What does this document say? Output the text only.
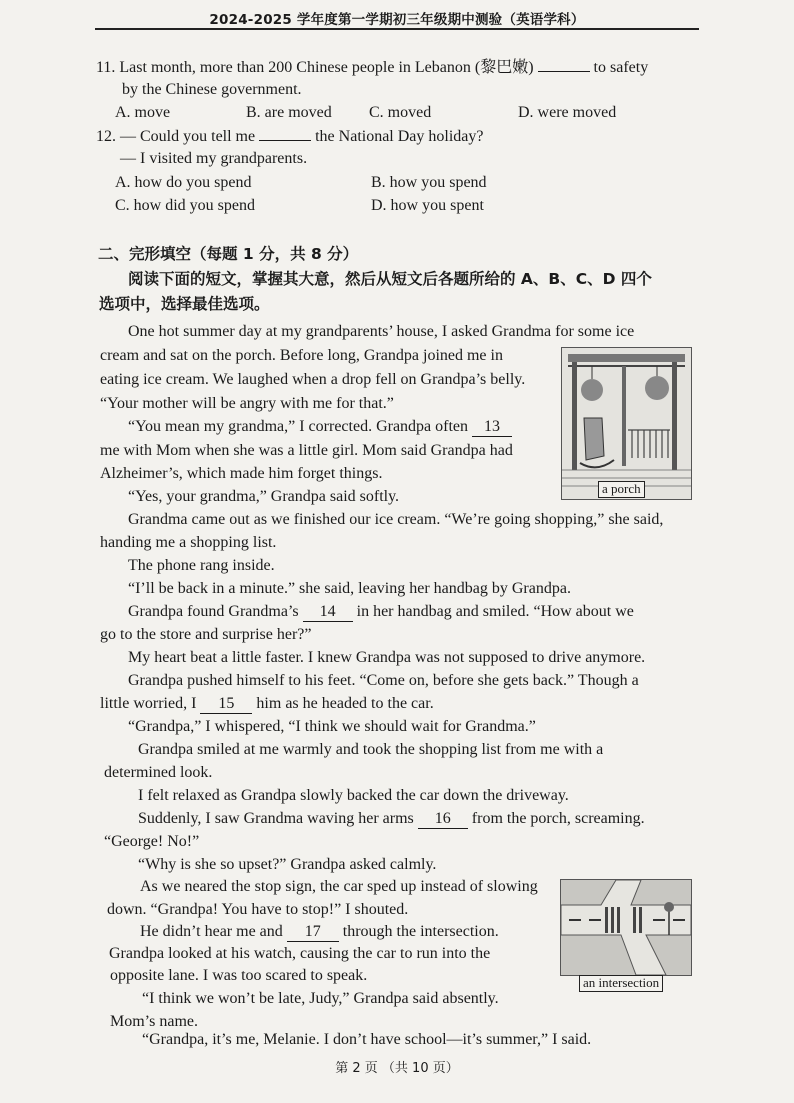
2024-2025 学年度第一学期初三年级期中测验（英语学科）
11. Last month, more than 200 Chinese people in Lebanon (黎巴嫩)	to safety
by the Chinese government.
A. move	B. are moved C. moved	D. were moved
12. — Could you tell me	the National Day holiday?
— I visited my grandparents.
A. how do you spend	B. how you spend
C. how did you spend	D. how you spent
二、完形填空（每题 1 分，共 8 分）
阅读下面的短文，掌握其大意，然后从短文后各题所给的 A、B、C、D 四个
选项中，选择最佳选项。
One hot summer day at my grandparents’ house, I asked Grandma for some ice
cream and sat on the porch. Before long, Grandpa joined me in
eating ice cream. We laughed when a drop fell on Grandpa’s belly.
“Your mother will be angry with me for that.”
“You mean my grandma,” I corrected. Grandpa often 13
me with Mom when she was a little girl. Mom said Grandpa had
Alzheimer’s, which made him forget things.
“Yes, your grandma,” Grandpa said softly.
Grandma came out as we finished our ice cream. “We’re going shopping,” she said,
handing me a shopping list.
The phone rang inside.
“I’ll be back in a minute.” she said, leaving her handbag by Grandpa.
Grandpa found Grandma’s 14 in her handbag and smiled. “How about we
go to the store and surprise her?”
My heart beat a little faster. I knew Grandpa was not supposed to drive anymore.
Grandpa pushed himself to his feet. “Come on, before she gets back.” Though a
little worried, I 15 him as he headed to the car.
“Grandpa,” I whispered, “I think we should wait for Grandma.”
Grandpa smiled at me warmly and took the shopping list from me with a
determined look.
I felt relaxed as Grandpa slowly backed the car down the driveway.
Suddenly, I saw Grandma waving her arms 16 from the porch, screaming.
“George! No!”
“Why is she so upset?” Grandpa asked calmly.
As we neared the stop sign, the car sped up instead of slowing
down. “Grandpa! You have to stop!” I shouted.
He didn’t hear me and 17 through the intersection.
Grandpa looked at his watch, causing the car to run into the
opposite lane. I was too scared to speak.
“I think we won’t be late, Judy,” Grandpa said absently.
Mom’s name.
“Grandpa, it’s me, Melanie. I don’t have school—it’s summer,” I said.
a porch
an intersection
第 2 页 （共 10 页）
